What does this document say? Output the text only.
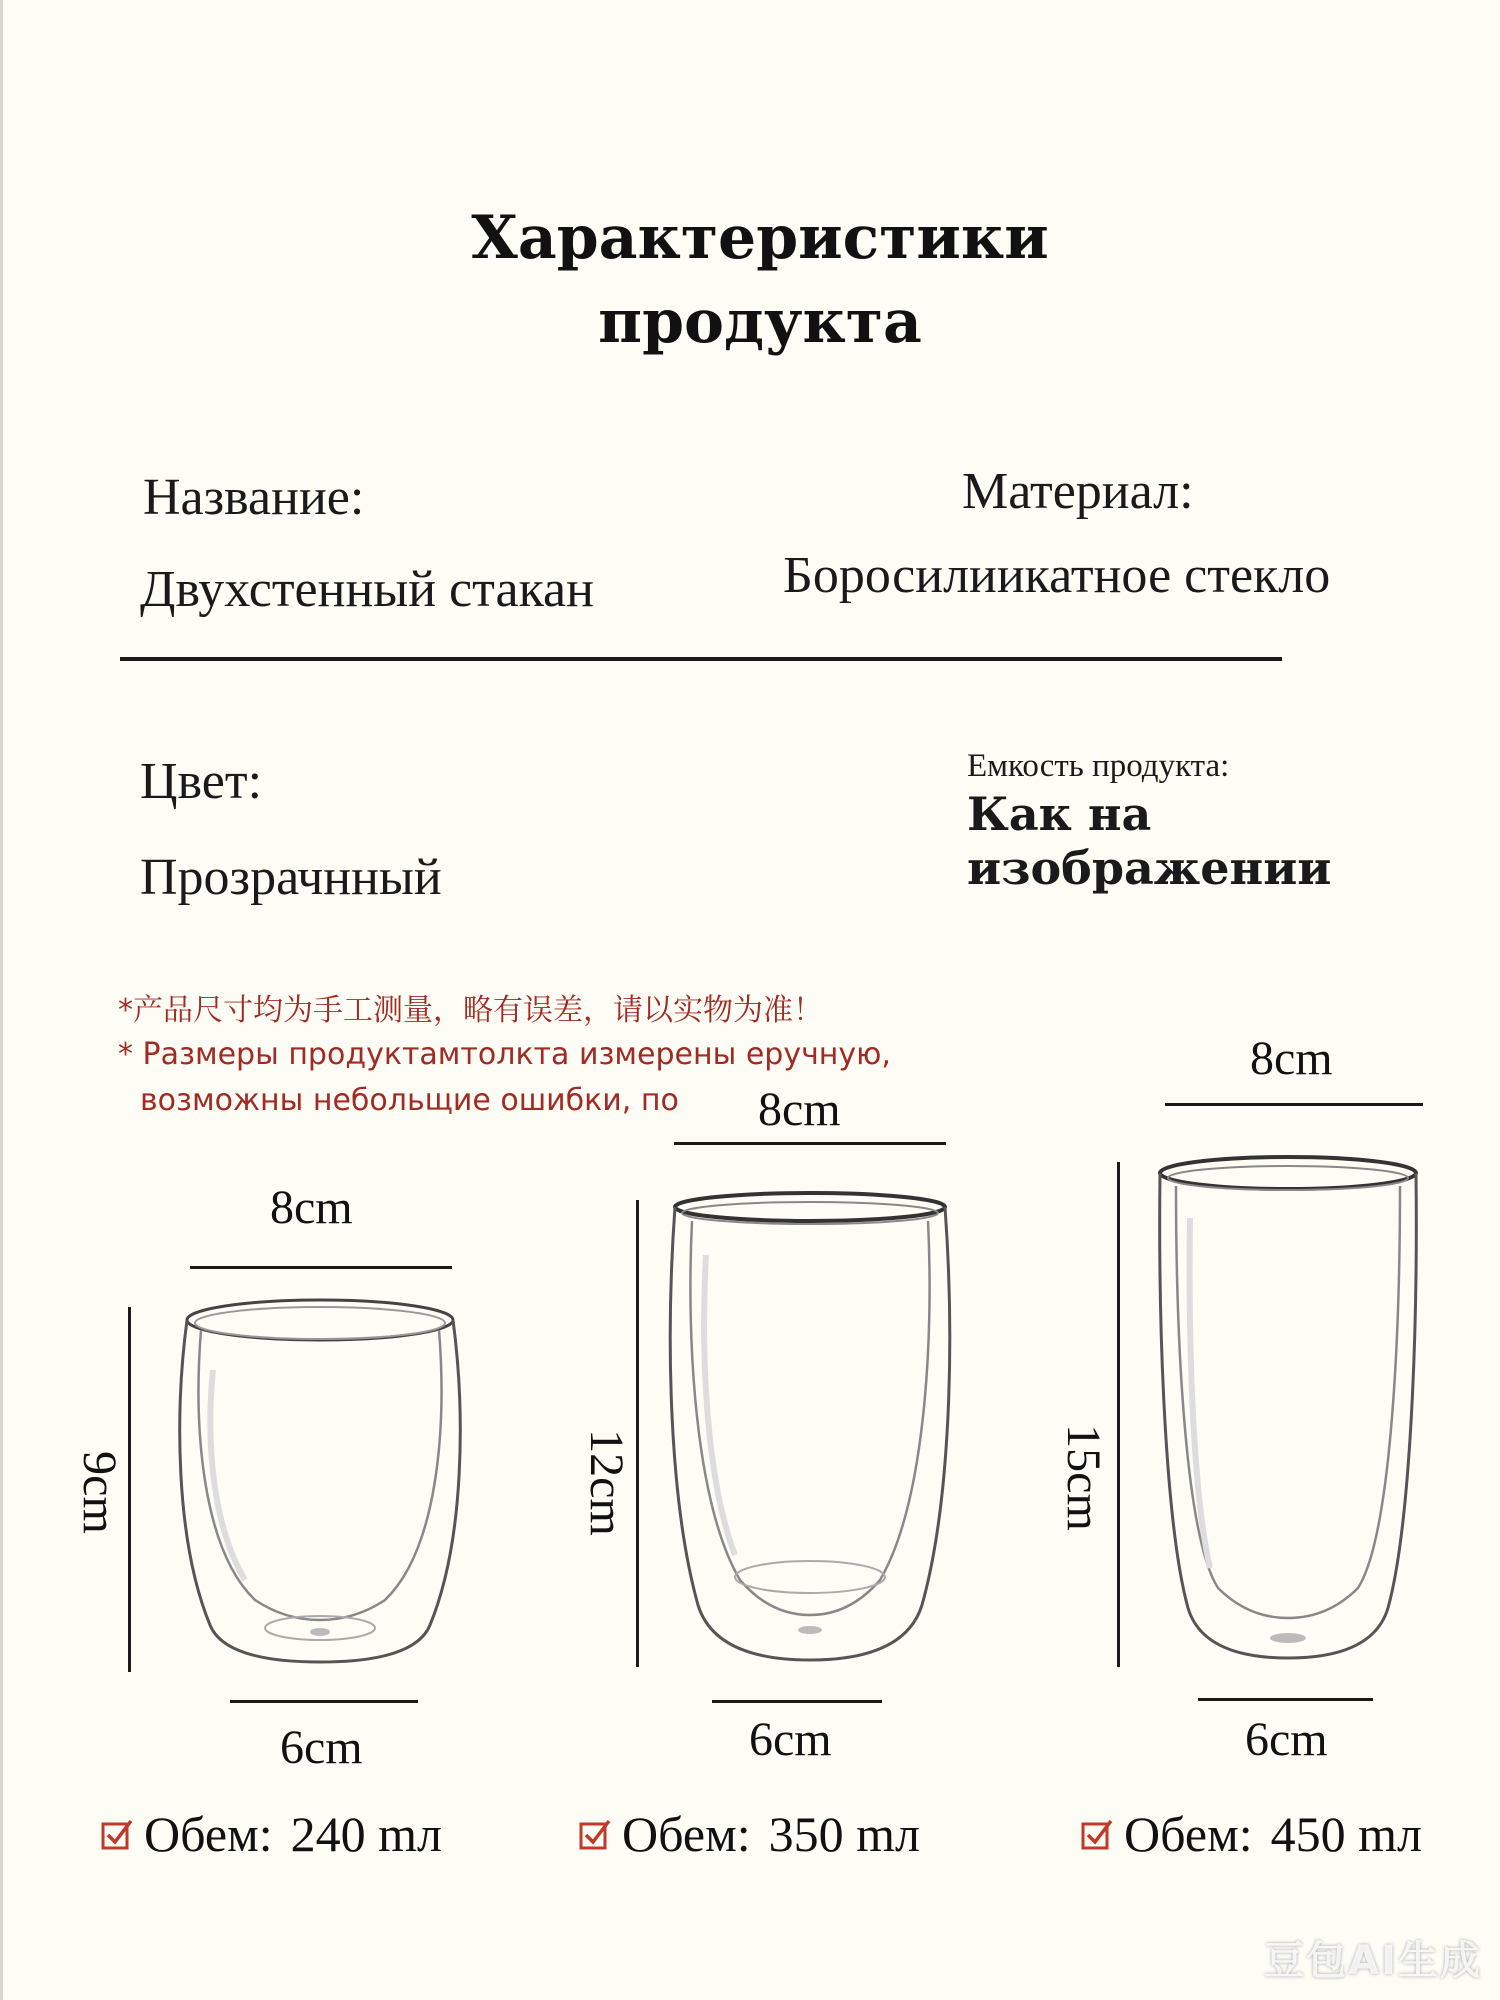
Характеристики
продукта
Название:
Двухстенный стакан
Материал:
Боросилиикатное стекло
Цвет:
Прозрачнный
Емкость продукта:
Как на
изображении
*产品尺寸均为手工测量，略有误差，请以实物为准！
* Размеры продуктамтолкта измерены ерyчнyю,
возможны небольщие ошибки, по
8cm
9cm
6cm
Обем: 240 mл
8cm
12cm
6cm
Обем: 350 mл
8cm
15cm
6cm
Обем: 450 mл
豆包AI生成
